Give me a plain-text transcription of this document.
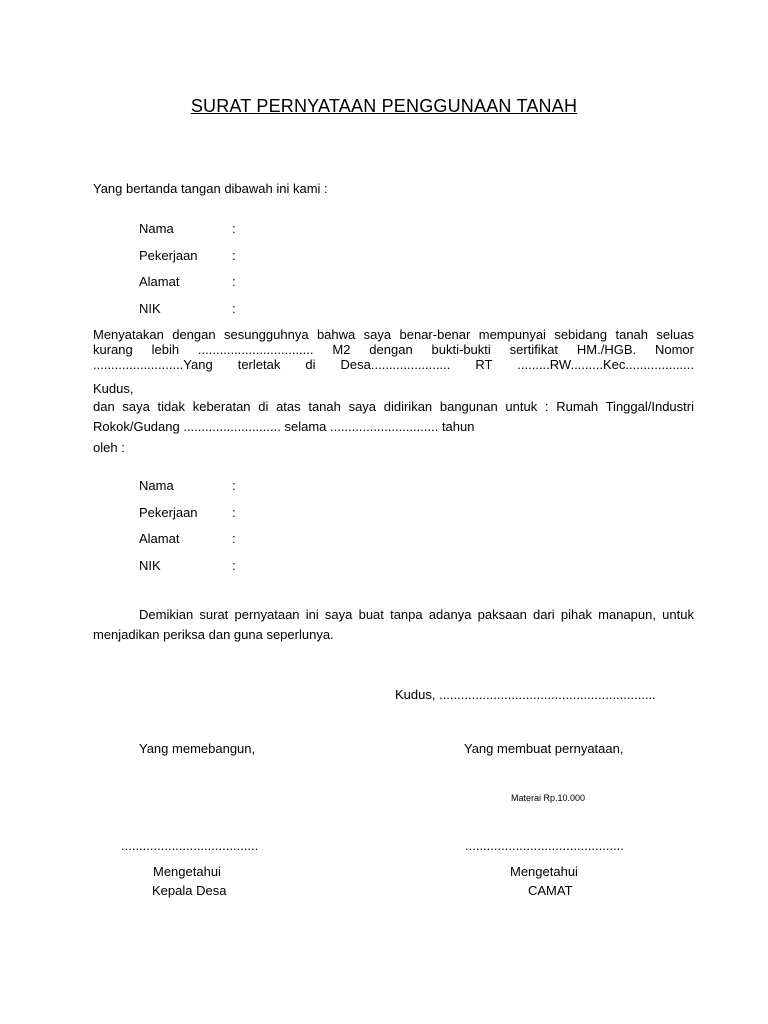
SURAT PERNYATAAN PENGGUNAAN TANAH
Yang bertanda tangan dibawah ini kami :
Nama	:
Pekerjaan	:
Alamat	:
NIK	:
Menyatakan dengan sesungguhnya bahwa saya benar-benar mempunyai sebidang tanah seluas kurang lebih ................................ M2 dengan bukti-bukti sertifikat HM./HGB. Nomor .........................Yang terletak di Desa...................... RT .........RW.........Kec...................
Kudus,
dan saya tidak keberatan di atas tanah saya didirikan bangunan untuk : Rumah Tinggal/Industri
Rokok/Gudang ........................... selama .............................. tahun
oleh :
Nama	:
Pekerjaan	:
Alamat	:
NIK	:
Demikian surat pernyataan ini saya buat tanpa adanya paksaan dari pihak manapun, untuk menjadikan periksa dan guna seperlunya.
Kudus, ............................................................
Yang memebangun,	Yang membuat pernyataan,
Materai Rp.10.000
......................................	............................................
Mengetahui
Kepala Desa
Mengetahui
CAMAT
